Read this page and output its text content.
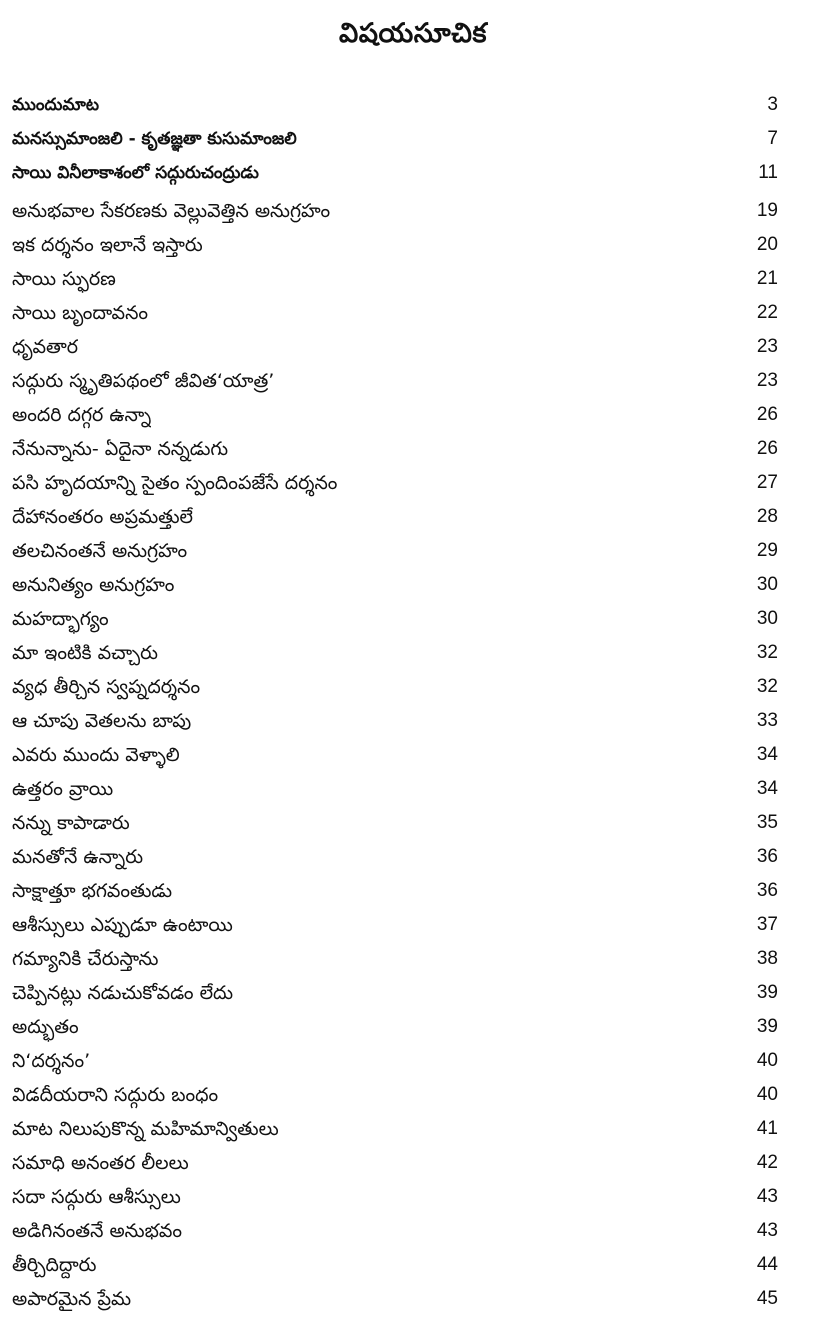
విషయసూచిక
ముందుమాట	3
మనస్సుమాంజలి - కృతజ్ఞతా కుసుమాంజలి	7
సాయి వినీలాకాశంలో సద్గురుచంద్రుడు	11
అనుభవాల సేకరణకు వెల్లువెత్తిన అనుగ్రహం	19
ఇక దర్శనం ఇలానే ఇస్తారు	20
సాయి స్ఫురణ	21
సాయి బృందావనం	22
ధృవతార	23
సద్గురు స్మృతిపథంలో జీవిత‘యాత్ర’	23
అందరి దగ్గర ఉన్నా	26
నేనున్నాను- ఏదైనా నన్నడుగు	26
పసి హృదయాన్ని సైతం స్పందింపజేసే దర్శనం	27
దేహానంతరం అప్రమత్తులే	28
తలచినంతనే అనుగ్రహం	29
అనునిత్యం అనుగ్రహం	30
మహద్భాగ్యం	30
మా ఇంటికి వచ్చారు	32
వ్యధ తీర్చిన స్వప్నదర్శనం	32
ఆ చూపు వెతలను బాపు	33
ఎవరు ముందు వెళ్ళాలి	34
ఉత్తరం వ్రాయి	34
నన్ను కాపాడారు	35
మనతోనే ఉన్నారు	36
సాక్షాత్తూ భగవంతుడు	36
ఆశీస్సులు ఎప్పుడూ ఉంటాయి	37
గమ్యానికి చేరుస్తాను	38
చెప్పినట్లు నడుచుకోవడం లేదు	39
అద్భుతం	39
ని‘దర్శనం’	40
విడదీయరాని సద్గురు బంధం	40
మాట నిలుపుకొన్న మహిమాన్వితులు	41
సమాధి అనంతర లీలలు	42
సదా సద్గురు ఆశీస్సులు	43
అడిగినంతనే అనుభవం	43
తీర్చిదిద్దారు	44
అపారమైన ప్రేమ	45
